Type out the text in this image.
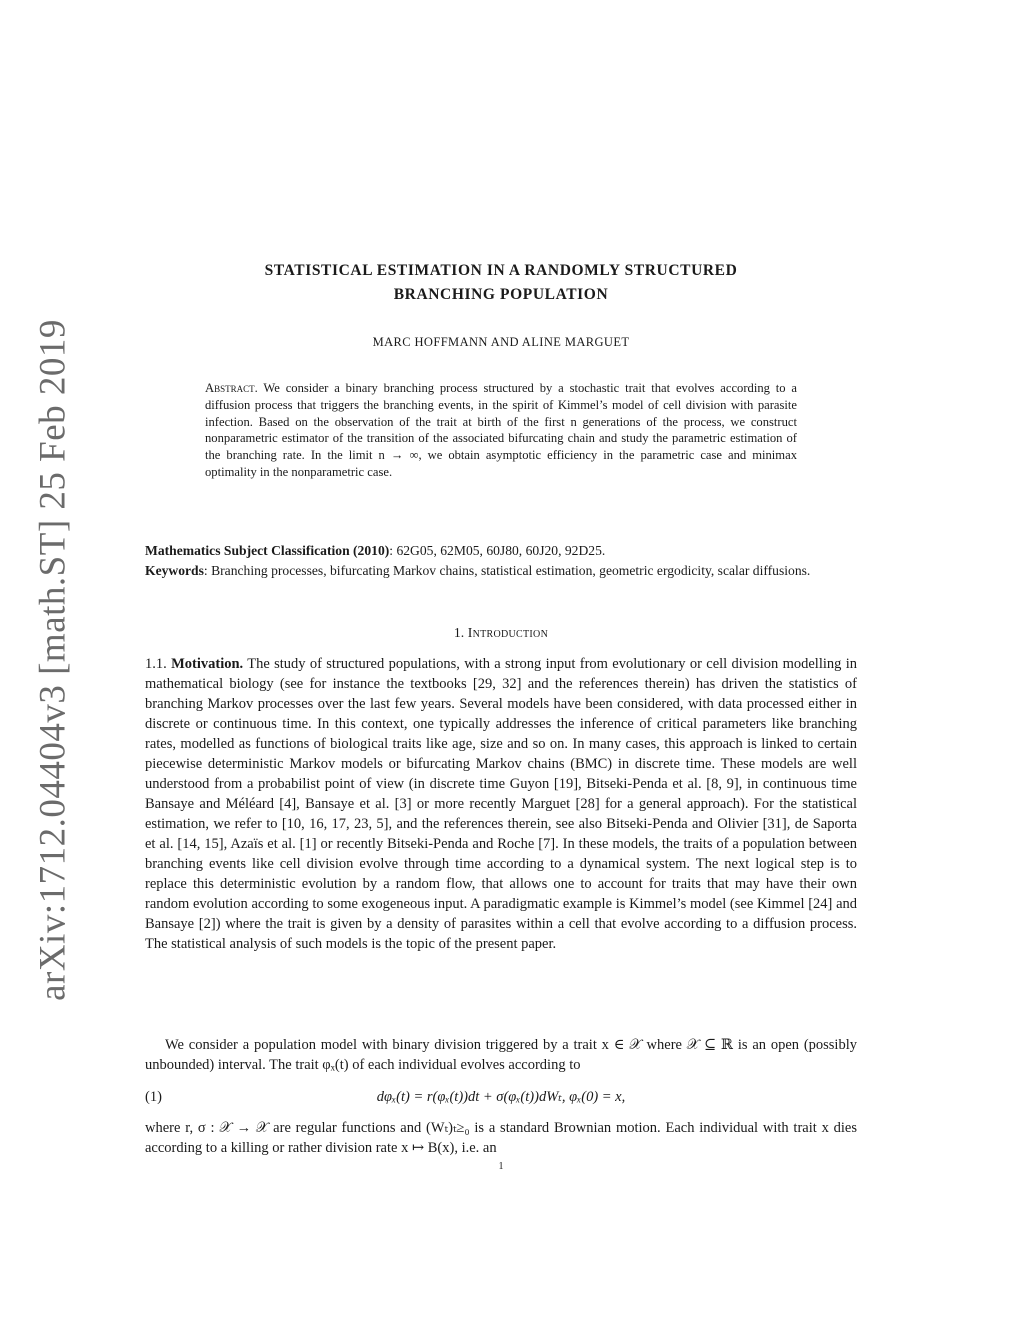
arXiv:1712.04404v3 [math.ST] 25 Feb 2019
STATISTICAL ESTIMATION IN A RANDOMLY STRUCTURED
BRANCHING POPULATION
MARC HOFFMANN AND ALINE MARGUET
Abstract. We consider a binary branching process structured by a stochastic trait that evolves according to a diffusion process that triggers the branching events, in the spirit of Kimmel’s model of cell division with parasite infection. Based on the observation of the trait at birth of the first n generations of the process, we construct nonparametric estimator of the transition of the associated bifurcating chain and study the parametric estimation of the branching rate. In the limit n → ∞, we obtain asymptotic efficiency in the parametric case and minimax optimality in the nonparametric case.
Mathematics Subject Classification (2010): 62G05, 62M05, 60J80, 60J20, 92D25.
Keywords: Branching processes, bifurcating Markov chains, statistical estimation, geometric ergodicity, scalar diffusions.
1. Introduction
1.1. Motivation. The study of structured populations, with a strong input from evolutionary or cell division modelling in mathematical biology (see for instance the textbooks [29, 32] and the references therein) has driven the statistics of branching Markov processes over the last few years. Several models have been considered, with data processed either in discrete or continuous time. In this context, one typically addresses the inference of critical parameters like branching rates, modelled as functions of biological traits like age, size and so on. In many cases, this approach is linked to certain piecewise deterministic Markov models or bifurcating Markov chains (BMC) in discrete time. These models are well understood from a probabilist point of view (in discrete time Guyon [19], Bitseki-Penda et al. [8, 9], in continuous time Bansaye and Méléard [4], Bansaye et al. [3] or more recently Marguet [28] for a general approach). For the statistical estimation, we refer to [10, 16, 17, 23, 5], and the references therein, see also Bitseki-Penda and Olivier [31], de Saporta et al. [14, 15], Azaïs et al. [1] or recently Bitseki-Penda and Roche [7]. In these models, the traits of a population between branching events like cell division evolve through time according to a dynamical system. The next logical step is to replace this deterministic evolution by a random flow, that allows one to account for traits that may have their own random evolution according to some exogeneous input. A paradigmatic example is Kimmel’s model (see Kimmel [24] and Bansaye [2]) where the trait is given by a density of parasites within a cell that evolve according to a diffusion process. The statistical analysis of such models is the topic of the present paper.
We consider a population model with binary division triggered by a trait x ∈ 𝒳 where 𝒳 ⊆ ℝ is an open (possibly unbounded) interval. The trait φₓ(t) of each individual evolves according to
(1)	dφₓ(t) = r(φₓ(t))dt + σ(φₓ(t))dWₜ, φₓ(0) = x,
where r, σ : 𝒳 → 𝒳 are regular functions and (Wₜ)ₜ≥₀ is a standard Brownian motion. Each individual with trait x dies according to a killing or rather division rate x ↦ B(x), i.e. an
1
